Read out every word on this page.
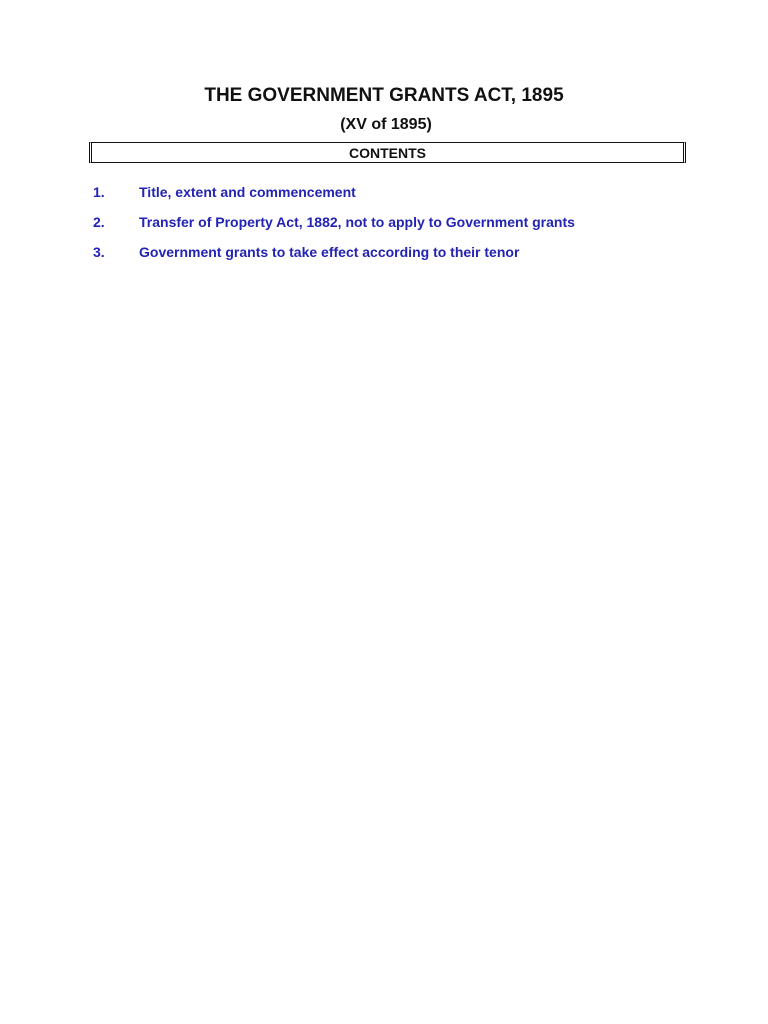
THE GOVERNMENT GRANTS ACT, 1895
(XV of 1895)
CONTENTS
1.	Title, extent and commencement
2.	Transfer of Property Act, 1882, not to apply to Government grants
3.	Government grants to take effect according to their tenor
